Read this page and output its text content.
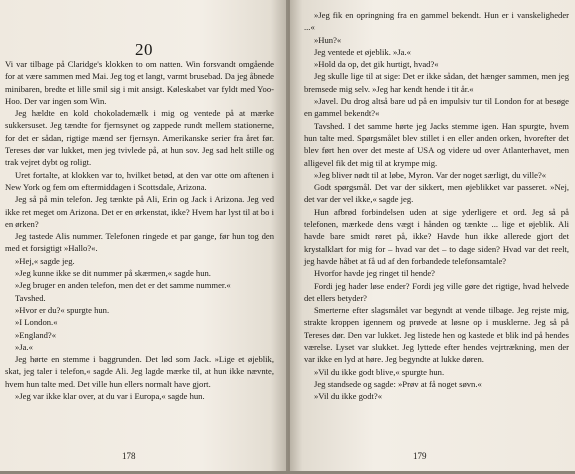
20

Vi var tilbage på Claridge's klokken to om natten. Win forsvandt omgående for at være sammen med Mai. Jeg tog et langt, varmt brusebad. Da jeg åbnede minibaren, bredte et lille smil sig i mit ansigt. Køleskabet var fyldt med Yoo-Hoo. Der var ingen som Win.

Jeg hældte en kold chokolademælk i mig og ventede på at mærke sukkersuset. Jeg tændte for fjernsynet og zappede rundt mellem stationerne, for det er sådan, rigtige mænd ser fjernsyn. Amerikanske serier fra året før. Tereses dør var lukket, men jeg tvivlede på, at hun sov. Jeg sad helt stille og trak vejret dybt og roligt.

Uret fortalte, at klokken var to, hvilket betød, at den var otte om aftenen i New York og fem om eftermiddagen i Scottsdale, Arizona.

Jeg så på min telefon. Jeg tænkte på Ali, Erin og Jack i Arizona. Jeg ved ikke ret meget om Arizona. Det er en ørkenstat, ikke? Hvem har lyst til at bo i en ørken?

Jeg tastede Alis nummer. Telefonen ringede et par gange, før hun tog den med et forsigtigt »Hallo?«.

»Hej,« sagde jeg.

»Jeg kunne ikke se dit nummer på skærmen,« sagde hun.

»Jeg bruger en anden telefon, men det er det samme nummer.«

Tavshed.

»Hvor er du?« spurgte hun.

»I London.«

»England?«

»Ja.«

Jeg hørte en stemme i baggrunden. Det lød som Jack. »Lige et øjeblik, skat, jeg taler i telefon,« sagde Ali. Jeg lagde mærke til, at hun ikke nævnte, hvem hun talte med. Det ville hun ellers normalt have gjort.

»Jeg var ikke klar over, at du var i Europa,« sagde hun.

178

»Jeg fik en opringning fra en gammel bekendt. Hun er i vanskeligheder ...«

»Hun?«

Jeg ventede et øjeblik. »Ja.«

»Hold da op, det gik hurtigt, hvad?«

Jeg skulle lige til at sige: Det er ikke sådan, det hænger sammen, men jeg bremsede mig selv. »Jeg har kendt hende i tit år.«

»Javel. Du drog altså bare ud på en impulsiv tur til London for at besøge en gammel bekendt?«

Tavshed. I det samme hørte jeg Jacks stemme igen. Han spurgte, hvem hun talte med. Spørgsmålet blev stillet i en eller anden orken, hvorefter det blev ført hen over det meste af USA og videre ud over Atlanterhavet, men alligevel fik det mig til at krympe mig.

»Jeg bliver nødt til at løbe, Myron. Var der noget særligt, du ville?«

Godt spørgsmål. Det var der sikkert, men øjeblikket var passeret. »Nej, det var der vel ikke,« sagde jeg.

Hun afbrød forbindelsen uden at sige yderligere et ord. Jeg så på telefonen, mærkede dens vægt i hånden og tænkte ... lige et øjeblik. Ali havde bare smidt røret på, ikke? Havde hun ikke allerede gjort det krystalklart for mig for – hvad var det – to dage siden? Hvad var det reelt, jeg havde håbet at få ud af den forbandede telefonsamtale?

Hvorfor havde jeg ringet til hende?

Fordi jeg hader løse ender? Fordi jeg ville gøre det rigtige, hvad helvede det ellers betyder?

Smerterne efter slagsmålet var begyndt at vende tilbage. Jeg rejste mig, strakte kroppen igennem og prøvede at løsne op i musklerne. Jeg så på Tereses dør. Den var lukket. Jeg listede hen og kastede et blik ind på hendes værelse. Lyset var slukket. Jeg lyttede efter hendes vejrtrækning, men der var ikke en lyd at høre. Jeg begyndte at lukke døren.

»Vil du ikke godt blive,« spurgte hun.

Jeg standsede og sagde: »Prøv at få noget søvn.«

»Vil du ikke godt?«

179
